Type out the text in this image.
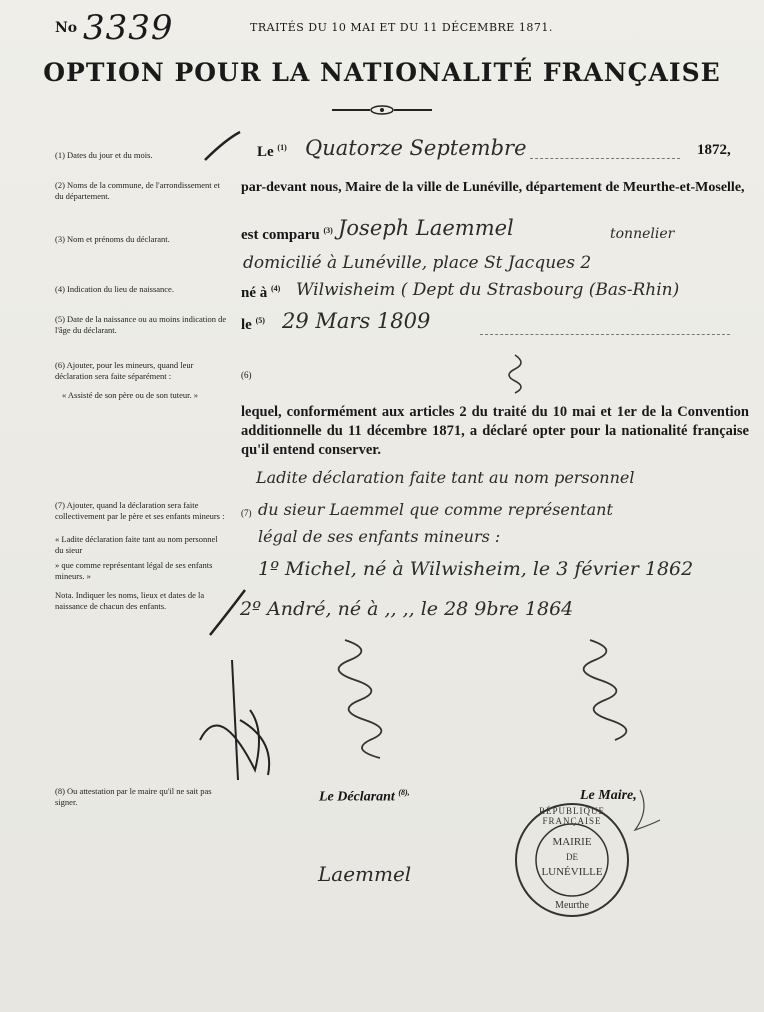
No 3339	TRAITÉS DU 10 MAI ET DU 11 DÉCEMBRE 1871.
OPTION POUR LA NATIONALITÉ FRANÇAISE
(1) Dates du jour et du mois.
(2) Noms de la commune, de l'arrondissement et du département.
(3) Nom et prénoms du déclarant.
(4) Indication du lieu de naissance.
(5) Date de la naissance ou au moins indication de l'âge du déclarant.
(6) Ajouter, pour les mineurs, quand leur déclaration sera faite séparément :
« Assisté de son père ou de son tuteur. »
(7) Ajouter, quand la déclaration sera faite collectivement par le père et ses enfants mineurs :
« Ladite déclaration faite tant au nom personnel du sieur
» que comme représentant légal de ses enfants mineurs. »
Nota. Indiquer les noms, lieux et dates de la naissance de chacun des enfants.
(8) Ou attestation par le maire qu'il ne sait pas signer.
Le $^{(1)}$ Quatorze Septembre	1872,
par-devant nous, Maire de la ville de Lunéville, département de Meurthe-et-Moselle,
est comparu $^{(3)}$ Joseph Laemmel	tonnelier
domicilié à Lunéville, place St Jacques 2
né à $^{(4)}$ Wilwisheim ( Dept du Strasbourg (Bas-Rhin)
le $^{(5)}$ 29 Mars 1809
(6)
lequel, conformément aux articles 2 du traité du 10 mai et 1er de la Convention additionnelle du 11 décembre 1871, a déclaré opter pour la nationalité française qu'il entend conserver.
Ladite déclaration faite tant au nom personnel
(7) du sieur Laemmel que comme représentant
légal de ses enfants mineurs :
1º Michel, né à Wilwisheim, le 3 février 1862
2º André, né à ,, ,, le 28 9bre 1864
Le Déclarant $^{(8),}$	Le Maire,
Laemmel
RÉPUBLIQUE FRANÇAISE
MAIRIE
DE
LUNÉVILLE
Meurthe
